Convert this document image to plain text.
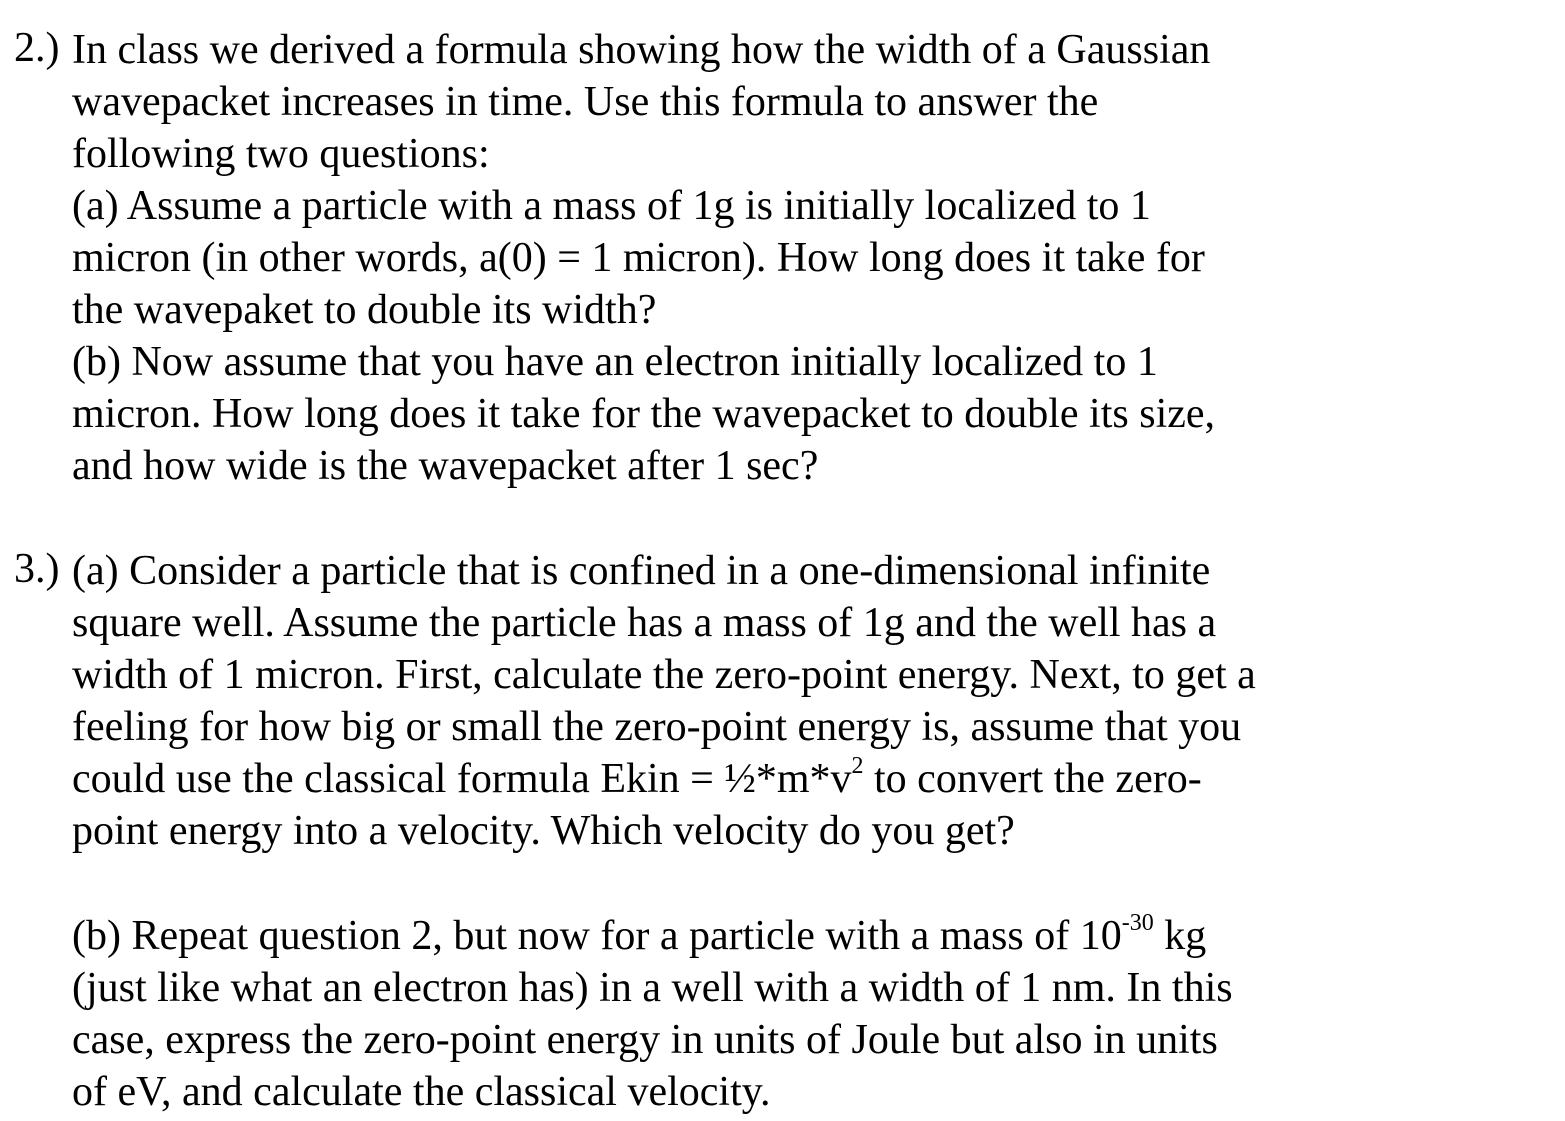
2.) In class we derived a formula showing how the width of a Gaussian
wavepacket increases in time. Use this formula to answer the
following two questions:
(a) Assume a particle with a mass of 1g is initially localized to 1
micron (in other words, a(0) = 1 micron). How long does it take for
the wavepaket to double its width?
(b) Now assume that you have an electron initially localized to 1
micron. How long does it take for the wavepacket to double its size,
and how wide is the wavepacket after 1 sec?
3.) (a) Consider a particle that is confined in a one-dimensional infinite
square well. Assume the particle has a mass of 1g and the well has a
width of 1 micron. First, calculate the zero-point energy. Next, to get a
feeling for how big or small the zero-point energy is, assume that you
could use the classical formula Ekin = $\frac{1}{2}*m*v^2$ to convert the zero-
point energy into a velocity. Which velocity do you get?
(b) Repeat question 2, but now for a particle with a mass of $10^{-30}$ kg
(just like what an electron has) in a well with a width of 1 nm. In this
case, express the zero-point energy in units of Joule but also in units
of eV, and calculate the classical velocity.
